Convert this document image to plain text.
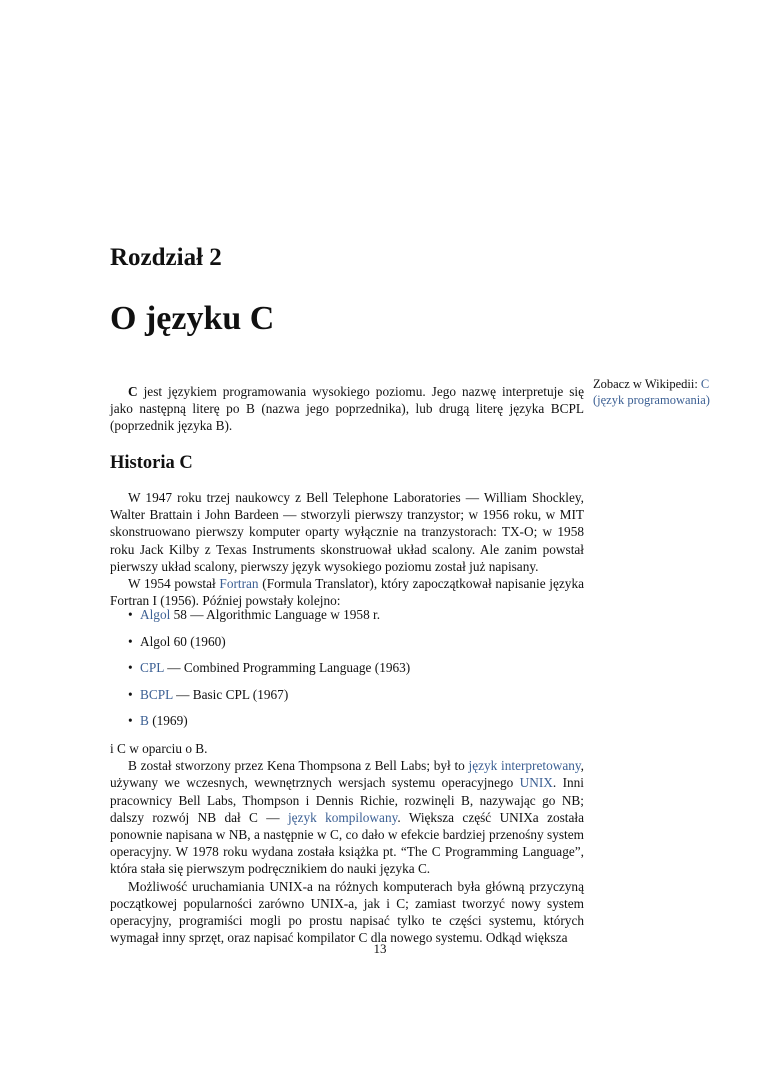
Rozdział 2
O języku C
Zobacz w Wikipedii: C (język programowania)

C jest językiem programowania wysokiego poziomu. Jego nazwę interpretuje się jako następną literę po B (nazwa jego poprzednika), lub drugą literę języka BCPL (poprzednik języka B).

Historia C

W 1947 roku trzej naukowcy z Bell Telephone Laboratories — William Shockley, Walter Brattain i John Bardeen — stworzyli pierwszy tranzystor; w 1956 roku, w MIT skonstruowano pierwszy komputer oparty wyłącznie na tranzystorach: TX-O; w 1958 roku Jack Kilby z Texas Instruments skonstruował układ scalony. Ale zanim powstał pierwszy układ scalony, pierwszy język wysokiego poziomu został już napisany.

W 1954 powstał Fortran (Formula Translator), który zapoczątkował napisanie języka Fortran I (1956). Później powstały kolejno:

• Algol 58 — Algorithmic Language w 1958 r.
• Algol 60 (1960)
• CPL — Combined Programming Language (1963)
• BCPL — Basic CPL (1967)
• B (1969)

i C w oparciu o B.

B został stworzony przez Kena Thompsona z Bell Labs; był to język interpretowany, używany we wczesnych, wewnętrznych wersjach systemu operacyjnego UNIX. Inni pracownicy Bell Labs, Thompson i Dennis Richie, rozwinęli B, nazywając go NB; dalszy rozwój NB dał C — język kompilowany. Większa część UNIXa została ponownie napisana w NB, a następnie w C, co dało w efekcie bardziej przenośny system operacyjny. W 1978 roku wydana została książka pt. “The C Programming Language”, która stała się pierwszym podręcznikiem do nauki języka C.

Możliwość uruchamiania UNIX-a na różnych komputerach była główną przyczyną początkowej popularności zarówno UNIX-a, jak i C; zamiast tworzyć nowy system operacyjny, programiści mogli po prostu napisać tylko te części systemu, których wymagał inny sprzęt, oraz napisać kompilator C dla nowego systemu. Odkąd większa

13
